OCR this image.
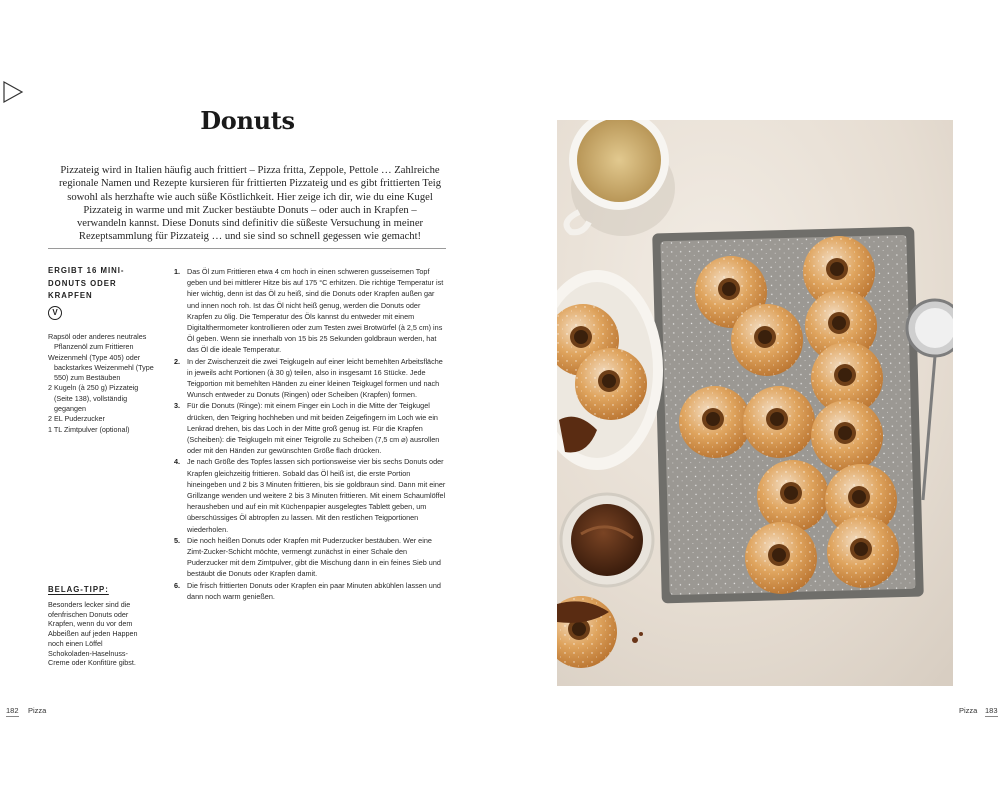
Donuts
Pizzateig wird in Italien häufig auch frittiert – Pizza fritta, Zeppole, Pettole … Zahlreiche regionale Namen und Rezepte kursieren für frittierten Pizzateig und es gibt frittierten Teig sowohl als herzhafte wie auch süße Köstlichkeit. Hier zeige ich dir, wie du eine Kugel Pizzateig in warme und mit Zucker bestäubte Donuts – oder auch in Krapfen – verwandeln kannst. Diese Donuts sind definitiv die süßeste Versuchung in meiner Rezeptsammlung für Pizzateig … und sie sind so schnell gegessen wie gemacht!
ERGIBT 16 MINI-
DONUTS ODER
KRAPFEN
V
Rapsöl oder anderes neutrales Pflanzenöl zum Frittieren
Weizenmehl (Type 405) oder backstarkes Weizenmehl (Type 550) zum Bestäuben
2 Kugeln (à 250 g) Pizzateig (Seite 138), vollständig gegangen
2 EL Puderzucker
1 TL Zimtpulver (optional)
BELAG-TIPP:
Besonders lecker sind die ofenfrischen Donuts oder Krapfen, wenn du vor dem Abbeißen auf jeden Happen noch einen Löffel Schokoladen-Haselnuss-Creme oder Konfitüre gibst.
1. Das Öl zum Frittieren etwa 4 cm hoch in einen schweren gusseisernen Topf geben und bei mittlerer Hitze bis auf 175 °C erhitzen. Die richtige Temperatur ist hier wichtig, denn ist das Öl zu heiß, sind die Donuts oder Krapfen außen gar und innen noch roh. Ist das Öl nicht heiß genug, werden die Donuts oder Krapfen zu ölig. Die Temperatur des Öls kannst du entweder mit einem Digitalthermometer kontrollieren oder zum Testen zwei Brotwürfel (à 2,5 cm) ins Öl geben. Wenn sie innerhalb von 15 bis 25 Sekunden goldbraun werden, hat das Öl die ideale Temperatur.
2. In der Zwischenzeit die zwei Teigkugeln auf einer leicht bemehlten Arbeitsfläche in jeweils acht Portionen (à 30 g) teilen, also in insgesamt 16 Stücke. Jede Teigportion mit bemehlten Händen zu einer kleinen Teigkugel formen und nach Wunsch entweder zu Donuts (Ringen) oder Scheiben (Krapfen) formen.
3. Für die Donuts (Ringe): mit einem Finger ein Loch in die Mitte der Teigkugel drücken, den Teigring hochheben und mit beiden Zeigefingern im Loch wie ein Lenkrad drehen, bis das Loch in der Mitte groß genug ist. Für die Krapfen (Scheiben): die Teigkugeln mit einer Teigrolle zu Scheiben (7,5 cm ⌀) ausrollen oder mit den Händen zur gewünschten Größe flach drücken.
4. Je nach Größe des Topfes lassen sich portionsweise vier bis sechs Donuts oder Krapfen gleichzeitig frittieren. Sobald das Öl heiß ist, die erste Portion hineingeben und 2 bis 3 Minuten frittieren, bis sie goldbraun sind. Dann mit einer Grillzange wenden und weitere 2 bis 3 Minuten frittieren. Mit einem Schaumlöffel herausheben und auf ein mit Küchenpapier ausgelegtes Tablett geben, um überschüssiges Öl abtropfen zu lassen. Mit den restlichen Teigportionen wiederholen.
5. Die noch heißen Donuts oder Krapfen mit Puderzucker bestäuben. Wer eine Zimt-Zucker-Schicht möchte, vermengt zunächst in einer Schale den Puderzucker mit dem Zimtpulver, gibt die Mischung dann in ein feines Sieb und bestäubt die Donuts oder Krapfen damit.
6. Die frisch frittierten Donuts oder Krapfen ein paar Minuten abkühlen lassen und dann noch warm genießen.
182 Pizza	Pizza 183
